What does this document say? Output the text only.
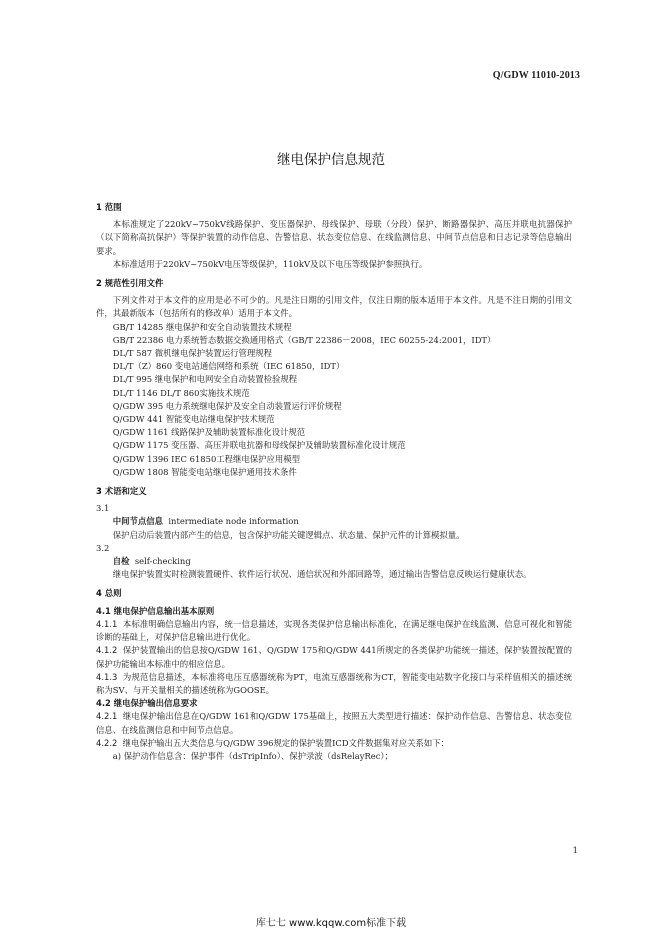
Q/GDW 11010-2013
继电保护信息规范
1 范围

本标准规定了220kV~750kV线路保护、变压器保护、母线保护、母联（分段）保护、断路器保护、高压并联电抗器保护（以下简称高抗保护）等保护装置的动作信息、告警信息、状态变位信息、在线监测信息、中间节点信息和日志记录等信息输出要求。

本标准适用于220kV~750kV电压等级保护，110kV及以下电压等级保护参照执行。

2 规范性引用文件

下列文件对于本文件的应用是必不可少的。凡是注日期的引用文件，仅注日期的版本适用于本文件。凡是不注日期的引用文件，其最新版本（包括所有的修改单）适用于本文件。

GB/T 14285 继电保护和安全自动装置技术规程

GB/T 22386 电力系统暂态数据交换通用格式（GB/T 22386－2008，IEC 60255-24:2001，IDT）

DL/T 587 微机继电保护装置运行管理规程

DL/T（Z）860 变电站通信网络和系统（IEC 61850，IDT）

DL/T 995 继电保护和电网安全自动装置检验规程

DL/T 1146 DL/T 860实施技术规范

Q/GDW 395 电力系统继电保护及安全自动装置运行评价规程

Q/GDW 441 智能变电站继电保护技术规范

Q/GDW 1161 线路保护及辅助装置标准化设计规范

Q/GDW 1175 变压器、高压并联电抗器和母线保护及辅助装置标准化设计规范

Q/GDW 1396 IEC 61850工程继电保护应用模型

Q/GDW 1808 智能变电站继电保护通用技术条件

3 术语和定义

3.1

中间节点信息 intermediate node information

保护启动后装置内部产生的信息，包含保护功能关键逻辑点、状态量、保护元件的计算模拟量。

3.2

自检 self-checking

继电保护装置实时检测装置硬件、软件运行状况、通信状况和外部回路等，通过输出告警信息反映运行健康状态。

4 总则

4.1 继电保护信息输出基本原则

4.1.1 本标准明确信息输出内容，统一信息描述，实现各类保护信息输出标准化，在满足继电保护在线监测、信息可视化和智能诊断的基础上，对保护信息输出进行优化。

4.1.2 保护装置输出的信息按Q/GDW 161、Q/GDW 175和Q/GDW 441所规定的各类保护功能统一描述，保护装置按配置的保护功能输出本标准中的相应信息。

4.1.3 为规范信息描述，本标准将电压互感器统称为PT，电流互感器统称为CT，智能变电站数字化接口与采样值相关的描述统称为SV、与开关量相关的描述统称为GOOSE。

4.2 继电保护输出信息要求

4.2.1 继电保护输出信息在Q/GDW 161和Q/GDW 175基础上，按照五大类型进行描述：保护动作信息、告警信息、状态变位信息、在线监测信息和中间节点信息。

4.2.2 继电保护输出五大类信息与Q/GDW 396规定的保护装置ICD文件数据集对应关系如下：

a) 保护动作信息含：保护事件（dsTripInfo）、保护录波（dsRelayRec）；

1
库七七 www.kqqw.com标准下载
